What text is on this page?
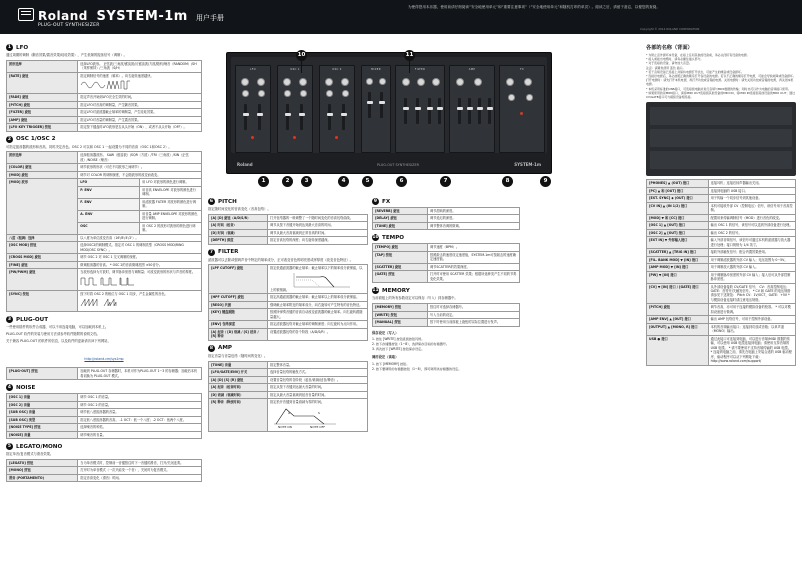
Roland SYSTEM-1m
PLUG-OUT SYNTHESIZER
用户手册
为使得您用本乐器，使用前请仔细阅读“安全地使用单元”和“重要注意事项”（“安全地使用单元”和随机打印的单页）。阅读之后，请留于备忘，以便您的查阅。
Copyright © 2014 ROLAND CORPORATION
1 LFO
通过周期的调制（颤音效果/震音效果/哇哇效果），产生低频的振荡信号（调制）。
波形选择	选择LFO波形。 正弦波/三角波/锯齿波/反锯齿波/方波/随机/噪音（RANDOM）/SH（采样保持）/三角波（S/H）
[RATE] 旋钮	指定调制信号的速度（频率）。向右旋转速度越快。

[FADE] 旋钮	指定声音开始到LFO完全生效的时间。
[PITCH] 旋钮	指定LFO对音高的调制量，产生颤音效果。
[FILTER] 旋钮	指定LFO对滤波器截止频率的调制量，产生哇哇效果。
[AMP] 旋钮	指定LFO对音量的调制量，产生震音效果。
[LFO KEY TRIGGER] 按钮	指定按下键盘时LFO波形是否从头开始（ON），或者不从头开始（OFF）。
2 OSC 1/OSC 2
可指定振荡器的波形和音高，同时决定音色。OSC 2 可以和 OSC 1 一起设置为不同的音高（OSC 1和OSC 2）。
波形选择	选择振荡器波形。 SAW（锯齿波）/SQR（方波）/TRI（三角波）/SIN（正弦波）/NOISE（噪音）	
[COLOR] 旋钮	调节波形的形状（可在不同波形之间调节）。	
[MOD] 旋钮	调节对 COLOR 的调制深度，不会随波形的改变而改变。	
[MOD] 波形	LFO	用 LFO 对波形的颜色进行调制。
	P. ENV	用音高 ENVELOPE 对波形的颜色进行调制。
	F. ENV	用滤波器 FILTER 对波形的颜色进行调制。
	A. ENV	用音量 AMP ENVELOPE 对波形的颜色进行调制。
	OSC	用 OSC 2 的波形对波形的颜色进行调制。
八度（粗调）选择	以八度为单位改变音高（16'/8'/4'/2'）。	
[OSC MOD] 按钮	选择OSC2的调制模式。指定对 OSC 1 的调制类型（CROSS MOD/RING MOD/OSC SYNC）。	
[CROSS MOD] 旋钮	调节 OSC 2 对 OSC 1 交叉调制的深度。	
[FINE] 旋钮	微调振荡器的音高。 * OSC 2的音高微调范围 ±50音分。	
[PW/PWM] 旋钮	当波形选择为方波时，调节脉冲宽度与调制量；可改变波形的形状与声音的厚度。	
[SYNC] 按钮	按下时将 OSC 2 的相位与 OSC 1 同步，产生金属性的音色。	
3 PLUG-OUT
一些使用插件的软件合成器，可以不用连接电脑，可以加载到本机上。
PLUG-OUT 软件的安装与使用方法请参考软件随附的说明文档。
关于兼容 PLUG-OUT 的软件的信息，以及软件的更新请访问下列网站。
http://roland.cm/sys1mp
[PLUG-OUT] 按钮	加载到 PLUG-OUT 存储器时，本机可作为PLUG-OUT 1~3 的存储器；加载后本机将切换为 PLUG-OUT 模式。
4 NOISE
[OSC 1] 音量	调节 OSC 1 的音量。
[OSC 2] 音量	调节 OSC 2 的音量。
[SUB OSC] 音量	调节低八度振荡器的音量。
[SUB OSC] 类型	指定低八度振荡器的音高。 -1 OCT：低一个八度；-2 OCT：低两个八度。
[NOISE TYPE] 按钮	选择噪音的种类。
[NOISE] 音量	调节噪音的音量。
5 LEGATO/MONO
指定单音/复音模式与滑音效果。
[LEGATO] 按钮	当为单音模式时，控制前一音键按住时下一音键的滑音，打开/关闭连奏。
[MONO] 按钮	打开时为单音模式（一次只能发一个音），关闭时为复音模式。
滑音 (PORTAMENTO)	指定音高变化（滑音）时间。
LFO	OSC 1	OSC 2	MIXER	FILTER	AMP	FX
Roland	PLUG-OUT SYNTHESIZER	SYSTEM-1m
10	11
1	2	3	4	5	6	7	8	9
6 PITCH
指定随时间变化的音高变化（音高包络）。
[A] [D] 旋钮（A/D/S/R）	打开包络器的一般调整了一个随时间变化的音高包络曲线。
[A] 时间（起音）	调节从按下音键开始到达到最大音高的时间。
[D] 时间（衰减）	调节从最大音高衰减到正常音高的时间。
[DEPTH] 深度	指定音高包络的深度；向右旋转深度越深。
7 FILTER
滤波器可以去除或强调声音中特定的频率成分，正可改变音色的明亮度或浑厚度（改变音色特征）。
[LPF CUTOFF] 旋钮	指定低通滤波器的截止频率；截止频率以下的频率成分被保留，以上的被削减。
[HPF CUTOFF] 旋钮	指定高通滤波器的截止频率；截止频率以上的频率成分被保留。
[RESO] 共振	强调截止频率附近的频率成分，向右旋转可产生特有的音色特征。
[KEY] 键盘跟随	按照所弹奏音键的音高自动改变滤波器的截止频率。向右旋转跟随量越大。
[ENV] 包络深度	指定滤波器包络对截止频率的调制深度；向左旋转为反向作用。
[A] 起音 / [D] 衰减 / [S] 延音 / [R] 释音	设置滤波器包络的各个阶段（A/D/S/R）。
8 AMP
指定音量与音量包络（随时间的变化）。
[TONE] 音量	指定整体音量。
[LFO/GATE/ENV] 开关	选择音量包络的触发方式。
[A] [D] [S] [R] 旋钮	设置音量包络的各阶段（起音/衰减/延音/释音）。
[A] 起音（起音时间）	指定从按下音键到达最大音量的时间。
[D] 衰减（衰减时间）	指定从最大音量衰减到延音音量的时间。
[R] 释音（释放时间）	指定松开音键到音量衰减为零的时间。
NOTE ON NOTE OFF
A S
9 FX
[REVERB] 旋钮	调节混响的深度。
[DELAY] 旋钮	调节延迟的深度。
[TUNE] 旋钮	调节整体音调的微调。
10 TEMPO
[TEMPO] 旋钮	调节速度（BPM）。
[TAP] 按钮	按照敲击的速度设定速度值，SYSTEM-1m可按敲击的速度确定速度值。
[SCATTER] 旋钮	调节SCATTER的效果深度。
[GATE] 按钮	打开时可使用 SCATTER 效果；根据所选种类产生不同的节奏变化效果。
11 MEMORY
当前面板上的所有参数设定可以保存（写入）到存储器中。
[MEMORY] 按钮	按住时可选择存储器号。
[WRITE] 按钮	写入当前的设定。
[MANUAL] 按钮	按下时使用当前面板上旋钮的实际位置进行发声。
保存设定（写入）
1. 按住 [WRITE] 按钮直到按钮闪烁。
2. 按下存储器按钮（1~8），选择保存目标的存储器号。
3. 再次按下 [WRITE] 按钮保存设定。
调用设定（读取）
1. 按下 [MEMORY] 按钮。
2. 按下要调用的存储器按钮（1~8），即可调用该存储器的设定。
各部的名称（背面）
* 为防止意外损坏本设备，在接上任何其他的设备前，务必关闭所有设备的电源。
* 接入或拔出电缆时，请务必握住插头部分。
* 对于连接的设备，请勿加大音量。
注意：请避免使用 蓝色 插口。
* 若干音频设备已连接上并保持电源打开状态，可能产生的噪音或设备损坏。
* 连接好电源后，务必按照正确的顺序打开各设备的电源。若以不正确的顺序打开电源，可能会导致故障或设备损坏。打开电源时：请先打开本机电源，再打开功放或音箱的电源。关闭电源时：请先关闭功放或音箱的电源，再关闭本机电源。
* 本机采用标准的USB接口，可连接到电脑并进行音频与MIDI数据的传输；同时也可以作为电脑的音频接口使用。
* 如果使用的是MIDI接口，请将MIDI OUT连接到其他设备的MIDI IN，将MIDI IN连接到其他设备的MIDI OUT；通过CV/GATE接口可与模拟设备相连接。
[PHONES] ▲ (OUT) 接口	连接耳机；连接后扬声器输出关闭。
[PC] ▲ 和 [OUT] 接口	连接到电脑的 USB 接口。
[EXT. SYNC] ◆ (OUT) 接口	用于传输一个同步信号到其他设备。
[CV IN] ▲ (IN 1/2) 接口	本机可接收外部 CV（控制电压）信号，该信号用于音高控制。
[MOD] ▼ 和 [CC] 接口	配置用来传输调制信号（MOD）进行音色的改变。
[OSC 1] ▲ [OUT] 接口	输出 OSC 1 的信号，该信号可以送到外部设备进行处理。
[OSC 2] ▲ [OUT] 接口	输出 OSC 2 的信号。
[EXT IN] ▼ 外部输入接口	输入外部音频信号，该信号可通过本机的滤波器与放大器进行处理；接口规格为 1/4 英寸。
[SCATTER] ▲ [TRIG IN] 接口	接收外部触发信号；配合内置效果使用。
[FIL. BANK MOD] ▼ [IN] 接口	用于调制滤波器的外部 CV 输入；电压范围为 0~5V。
[AMP MOD] ▼ [IN] 接口	用于调制放大器的外部 CV 输入。
[PW] ▼ [IN] 接口	用于调制脉冲宽度的外部 CV 输入；接入后可从外部控制脉冲宽度。
[CV] ▼ [IN] 接口 / [GATE] 接口	从外部设备接收 CV/GATE 信号； CV：音高控制电压； GATE：音符开/关触发信号。 * CV 和 GATE 的电压规格请参见下述规范： Pitch CV：1V/OCT，GATE：+5V * 与模拟设备连接时请注意电压规格。
[PITCH] 旋钮	调节音高，亦可用于连接的模拟设备的校准。 * 可以对模拟设备进行微调。
[AMP ENV] ▲ [OUT] 接口	输出 AMP 包络信号，可用于控制外部设备。
[OUTPUT] ▲ [MONO, R] 接口	本机的音频输出接口；连接到功放或音箱；以单声道（MONO）输出。
USB ● 接口	通过此接口可连接到电脑，可以进行音频/MIDI 数据的传输，可以使用 USB 电缆连接到电脑；请使用支持音频的 USB 电缆。 * 请不要使用不支持音频传输的 USB 电缆。 * 连接到电脑之前，请先在电脑上安装合适的 USB 驱动程序，驱动程序可以从下列网址下载： http://www.roland.com/support/
